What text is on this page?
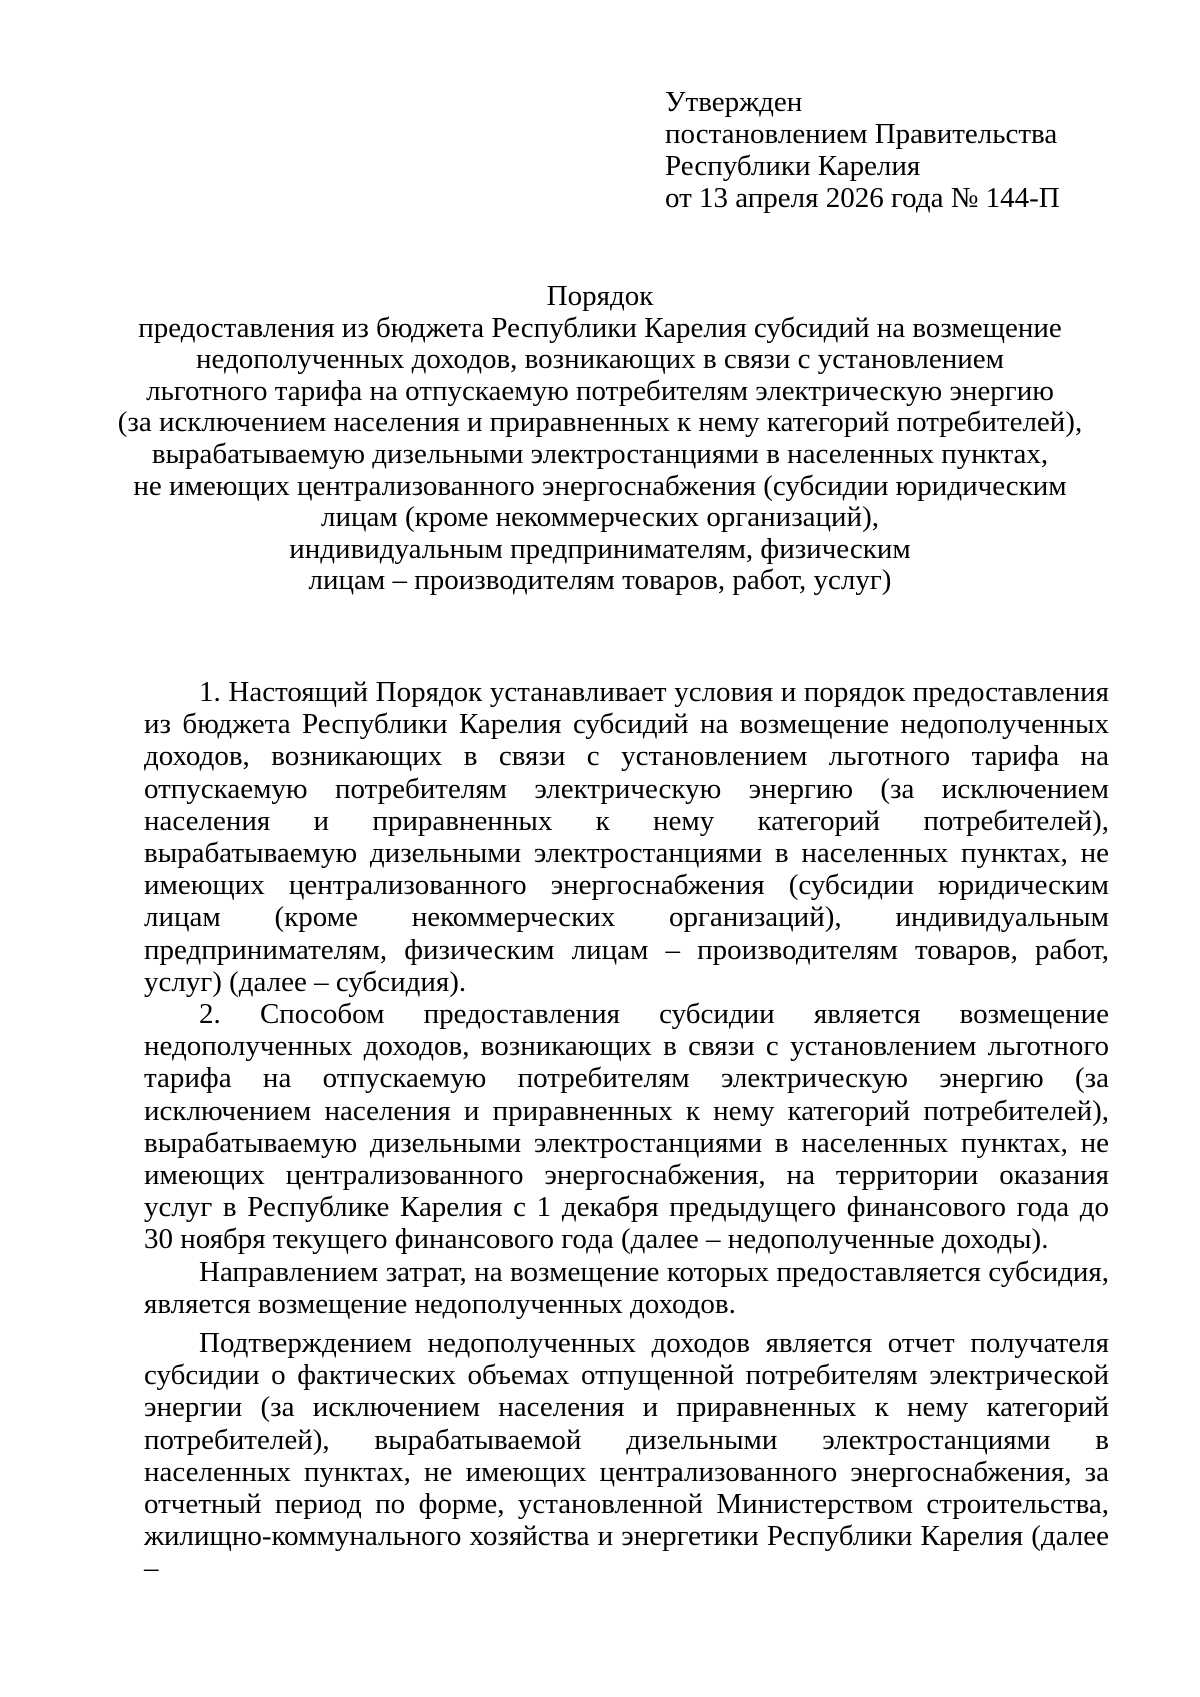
Утвержден
постановлением Правительства
Республики Карелия
от 13 апреля 2026 года № 144-П
Порядок
предоставления из бюджета Республики Карелия субсидий на возмещение
недополученных доходов, возникающих в связи с установлением
льготного тарифа на отпускаемую потребителям электрическую энергию
(за исключением населения и приравненных к нему категорий потребителей),
вырабатываемую дизельными электростанциями в населенных пунктах,
не имеющих централизованного энергоснабжения (субсидии юридическим
лицам (кроме некоммерческих организаций),
индивидуальным предпринимателям, физическим
лицам – производителям товаров, работ, услуг)

1. Настоящий Порядок устанавливает условия и порядок предоставления из бюджета Республики Карелия субсидий на возмещение недополученных доходов, возникающих в связи с установлением льготного тарифа на отпускаемую потребителям электрическую энергию (за исключением населения и приравненных к нему категорий потребителей), вырабатываемую дизельными электростанциями в населенных пунктах, не имеющих централизованного энергоснабжения (субсидии юридическим лицам (кроме некоммерческих организаций), индивидуальным предпринимателям, физическим лицам – производителям товаров, работ, услуг) (далее – субсидия).

2. Способом предоставления субсидии является возмещение недополученных доходов, возникающих в связи с установлением льготного тарифа на отпускаемую потребителям электрическую энергию (за исключением населения и приравненных к нему категорий потребителей), вырабатываемую дизельными электростанциями в населенных пунктах, не имеющих централизованного энергоснабжения, на территории оказания услуг в Республике Карелия с 1 декабря предыдущего финансового года до 30 ноября текущего финансового года (далее – недополученные доходы).

Направлением затрат, на возмещение которых предоставляется субсидия, является возмещение недополученных доходов.

Подтверждением недополученных доходов является отчет получателя субсидии о фактических объемах отпущенной потребителям электрической энергии (за исключением населения и приравненных к нему категорий потребителей), вырабатываемой дизельными электростанциями в населенных пунктах, не имеющих централизованного энергоснабжения, за отчетный период по форме, установленной Министерством строительства, жилищно-коммунального хозяйства и энергетики Республики Карелия (далее –
